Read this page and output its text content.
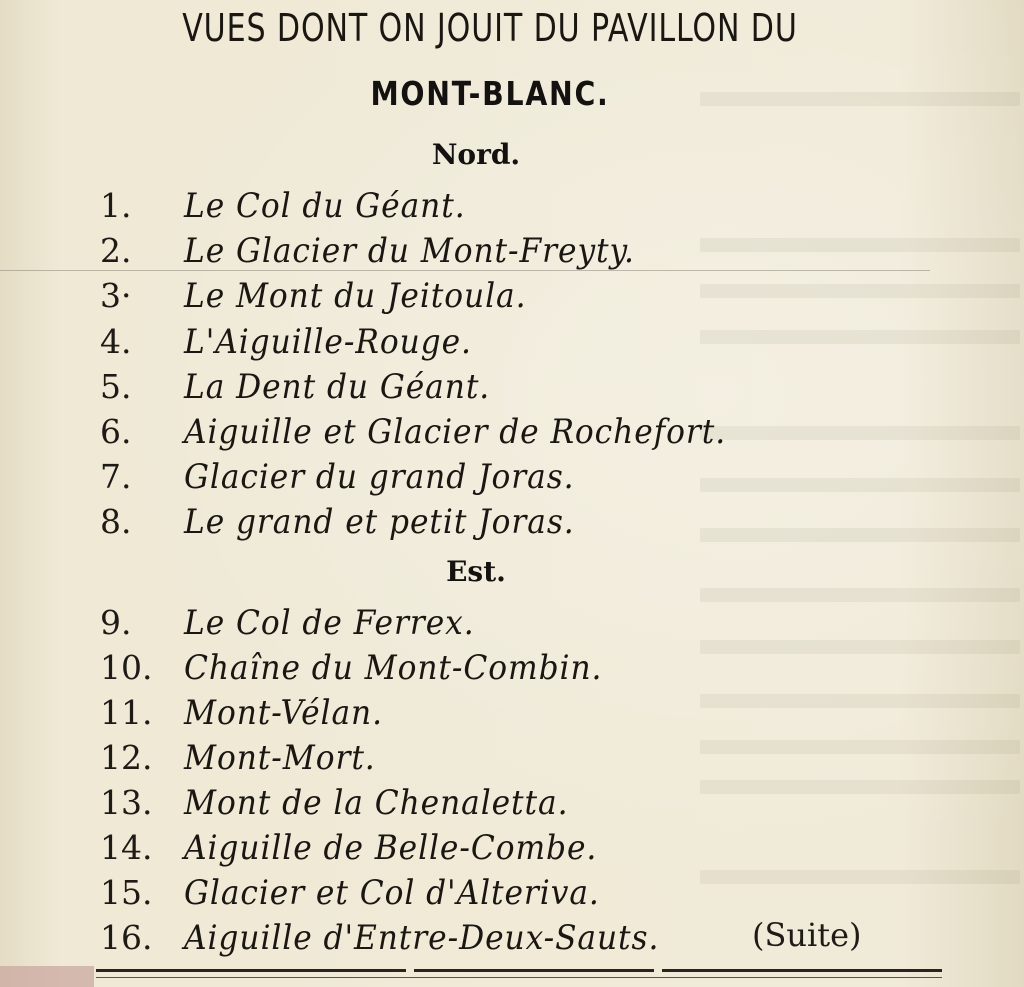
VUES DONT ON JOUIT DU PAVILLON DU
MONT-BLANC.
Nord.
1. Le Col du Géant.
2. Le Glacier du Mont-Freyty.
3· Le Mont du Jeitoula.
4. L'Aiguille-Rouge.
5. La Dent du Géant.
6. Aiguille et Glacier de Rochefort.
7. Glacier du grand Joras.
8. Le grand et petit Joras.
Est.
9. Le Col de Ferrex.
10. Chaîne du Mont-Combin.
11. Mont-Vélan.
12. Mont-Mort.
13. Mont de la Chenaletta.
14. Aiguille de Belle-Combe.
15. Glacier et Col d'Alteriva.
16. Aiguille d'Entre-Deux-Sauts.	(Suite)
